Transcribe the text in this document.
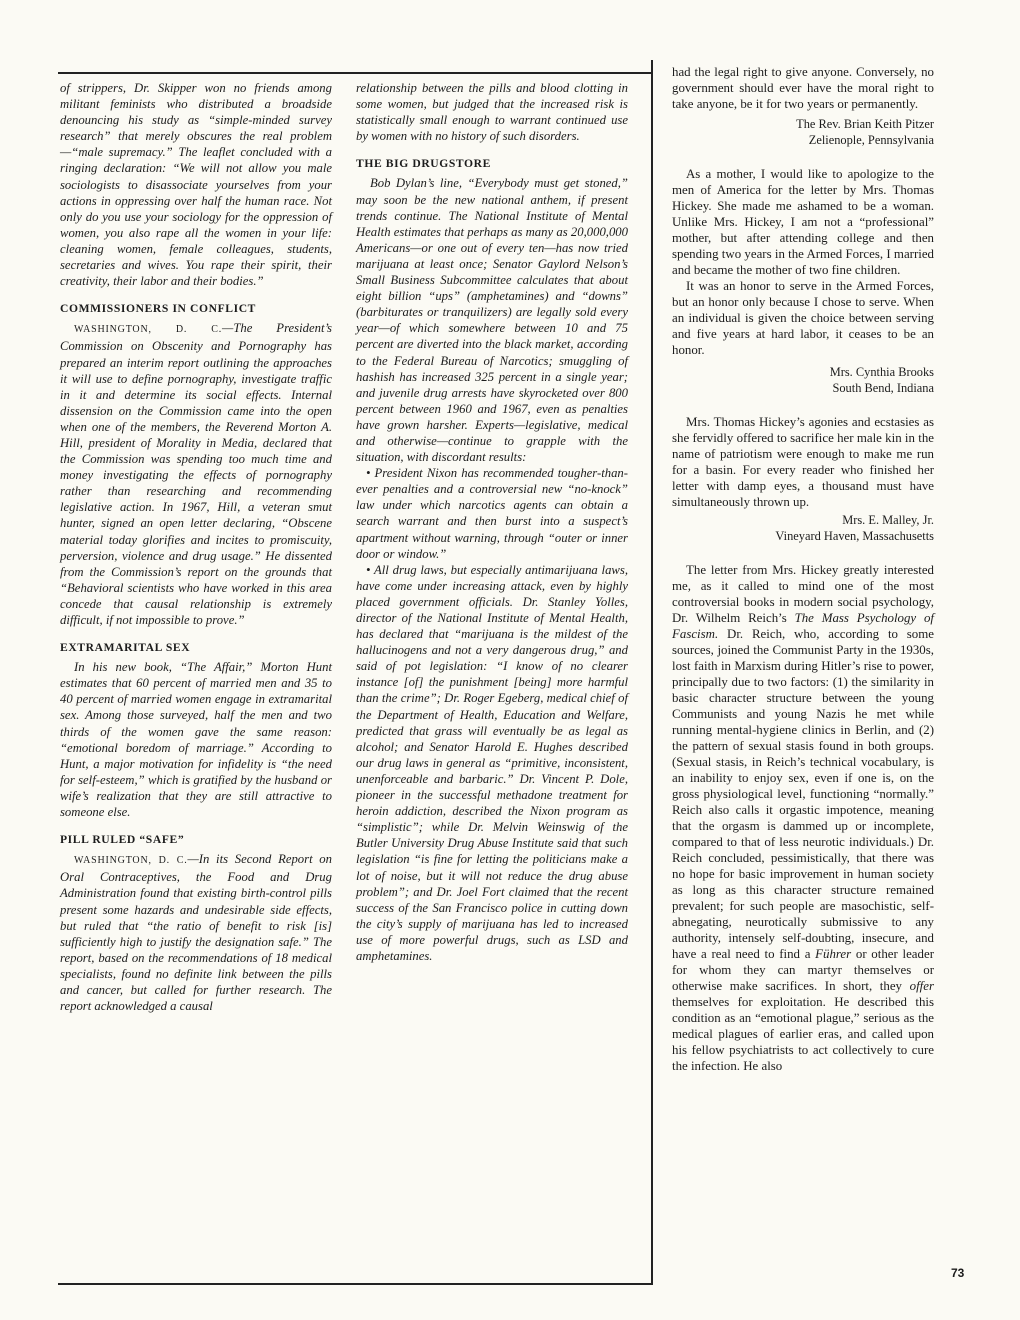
of strippers, Dr. Skipper won no friends among militant feminists who distributed a broadside denouncing his study as “simple-minded survey research” that merely obscures the real problem—“male supremacy.” The leaflet concluded with a ringing declaration: “We will not allow you male sociologists to disassociate yourselves from your actions in oppressing over half the human race. Not only do you use your sociology for the oppression of women, you also rape all the women in your life: cleaning women, female colleagues, students, secretaries and wives. You rape their spirit, their creativity, their labor and their bodies.”

COMMISSIONERS IN CONFLICT

WASHINGTON, D. C.—The President’s Commission on Obscenity and Pornography has prepared an interim report outlining the approaches it will use to define pornography, investigate traffic in it and determine its social effects. Internal dissension on the Commission came into the open when one of the members, the Reverend Morton A. Hill, president of Morality in Media, declared that the Commission was spending too much time and money investigating the effects of pornography rather than researching and recommending legislative action. In 1967, Hill, a veteran smut hunter, signed an open letter declaring, “Obscene material today glorifies and incites to promiscuity, perversion, violence and drug usage.” He dissented from the Commission’s report on the grounds that “Behavioral scientists who have worked in this area concede that causal relationship is extremely difficult, if not impossible to prove.”

EXTRAMARITAL SEX

In his new book, “The Affair,” Morton Hunt estimates that 60 percent of married men and 35 to 40 percent of married women engage in extramarital sex. Among those surveyed, half the men and two thirds of the women gave the same reason: “emotional boredom of marriage.” According to Hunt, a major motivation for infidelity is “the need for self-esteem,” which is gratified by the husband or wife’s realization that they are still attractive to someone else.

PILL RULED “SAFE”

WASHINGTON, D. C.—In its Second Report on Oral Contraceptives, the Food and Drug Administration found that existing birth-control pills present some hazards and undesirable side effects, but ruled that “the ratio of benefit to risk [is] sufficiently high to justify the designation safe.” The report, based on the recommendations of 18 medical specialists, found no definite link between the pills and cancer, but called for further research. The report acknowledged a causal

relationship between the pills and blood clotting in some women, but judged that the increased risk is statistically small enough to warrant continued use by women with no history of such disorders.

THE BIG DRUGSTORE

Bob Dylan’s line, “Everybody must get stoned,” may soon be the new national anthem, if present trends continue. The National Institute of Mental Health estimates that perhaps as many as 20,000,000 Americans—or one out of every ten—has now tried marijuana at least once; Senator Gaylord Nelson’s Small Business Subcommittee calculates that about eight billion “ups” (amphetamines) and “downs” (barbiturates or tranquilizers) are legally sold every year—of which somewhere between 10 and 75 percent are diverted into the black market, according to the Federal Bureau of Narcotics; smuggling of hashish has increased 325 percent in a single year; and juvenile drug arrests have skyrocketed over 800 percent between 1960 and 1967, even as penalties have grown harsher. Experts—legislative, medical and otherwise—continue to grapple with the situation, with discordant results:

• President Nixon has recommended tougher-than-ever penalties and a controversial new “no-knock” law under which narcotics agents can obtain a search warrant and then burst into a suspect’s apartment without warning, through “outer or inner door or window.”

• All drug laws, but especially antimarijuana laws, have come under increasing attack, even by highly placed government officials. Dr. Stanley Yolles, director of the National Institute of Mental Health, has declared that “marijuana is the mildest of the hallucinogens and not a very dangerous drug,” and said of pot legislation: “I know of no clearer instance [of] the punishment [being] more harmful than the crime”; Dr. Roger Egeberg, medical chief of the Department of Health, Education and Welfare, predicted that grass will eventually be as legal as alcohol; and Senator Harold E. Hughes described our drug laws in general as “primitive, inconsistent, unenforceable and barbaric.” Dr. Vincent P. Dole, pioneer in the successful methadone treatment for heroin addiction, described the Nixon program as “simplistic”; while Dr. Melvin Weinswig of the Butler University Drug Abuse Institute said that such legislation “is fine for letting the politicians make a lot of noise, but it will not reduce the drug abuse problem”; and Dr. Joel Fort claimed that the recent success of the San Francisco police in cutting down the city’s supply of marijuana has led to increased use of more powerful drugs, such as LSD and amphetamines.

had the legal right to give anyone. Conversely, no government should ever have the moral right to take anyone, be it for two years or permanently.

The Rev. Brian Keith Pitzer
Zelienople, Pennsylvania

As a mother, I would like to apologize to the men of America for the letter by Mrs. Thomas Hickey. She made me ashamed to be a woman. Unlike Mrs. Hickey, I am not a “professional” mother, but after attending college and then spending two years in the Armed Forces, I married and became the mother of two fine children.

It was an honor to serve in the Armed Forces, but an honor only because I chose to serve. When an individual is given the choice between serving and five years at hard labor, it ceases to be an honor.

Mrs. Cynthia Brooks
South Bend, Indiana

Mrs. Thomas Hickey’s agonies and ecstasies as she fervidly offered to sacrifice her male kin in the name of patriotism were enough to make me run for a basin. For every reader who finished her letter with damp eyes, a thousand must have simultaneously thrown up.

Mrs. E. Malley, Jr.
Vineyard Haven, Massachusetts

The letter from Mrs. Hickey greatly interested me, as it called to mind one of the most controversial books in modern social psychology, Dr. Wilhelm Reich’s The Mass Psychology of Fascism. Dr. Reich, who, according to some sources, joined the Communist Party in the 1930s, lost faith in Marxism during Hitler’s rise to power, principally due to two factors: (1) the similarity in basic character structure between the young Communists and young Nazis he met while running mental-hygiene clinics in Berlin, and (2) the pattern of sexual stasis found in both groups. (Sexual stasis, in Reich’s technical vocabulary, is an inability to enjoy sex, even if one is, on the gross physiological level, functioning “normally.” Reich also calls it orgastic impotence, meaning that the orgasm is dammed up or incomplete, compared to that of less neurotic individuals.) Dr. Reich concluded, pessimistically, that there was no hope for basic improvement in human society as long as this character structure remained prevalent; for such people are masochistic, self-abnegating, neurotically submissive to any authority, intensely self-doubting, insecure, and have a real need to find a Führer or other leader for whom they can martyr themselves or otherwise make sacrifices. In short, they offer themselves for exploitation. He described this condition as an “emotional plague,” serious as the medical plagues of earlier eras, and called upon his fellow psychiatrists to act collectively to cure the infection. He also

73
